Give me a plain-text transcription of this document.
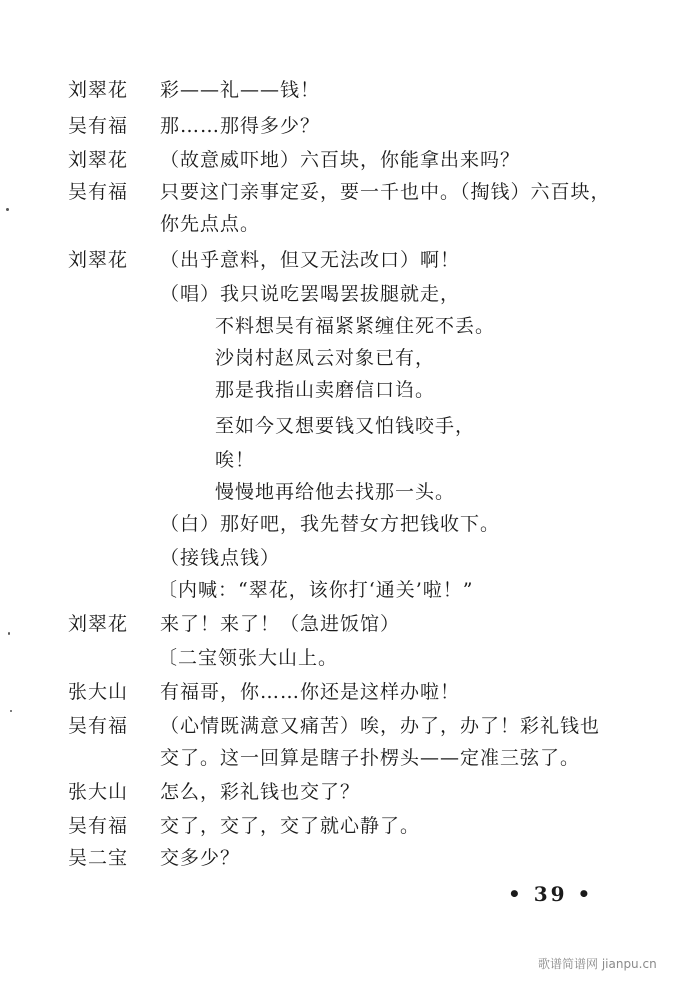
刘翠花 彩——礼——钱！
吴有福 那……那得多少？
刘翠花 （故意威吓地）六百块，你能拿出来吗？
吴有福 只要这门亲事定妥，要一千也中。（掏钱）六百块，
你先点点。
刘翠花 （出乎意料，但又无法改口）啊！
（唱）我只说吃罢喝罢拔腿就走，
不料想吴有福紧紧缠住死不丢。
沙岗村赵凤云对象已有，
那是我指山卖磨信口诌。
至如今又想要钱又怕钱咬手，
唉！
慢慢地再给他去找那一头。
（白）那好吧，我先替女方把钱收下。
（接钱点钱）
〔内喊：“翠花，该你打‘通关’啦！”
刘翠花 来了！来了！（急进饭馆）
〔二宝领张大山上。
张大山 有福哥，你……你还是这样办啦！
吴有福 （心情既满意又痛苦）唉，办了，办了！彩礼钱也
交了。这一回算是瞎子扑楞头——定准三弦了。
张大山 怎么，彩礼钱也交了？
吴有福 交了，交了，交了就心静了。
吴二宝 交多少？
• 39 •
歌谱简谱网 jianpu.cn
